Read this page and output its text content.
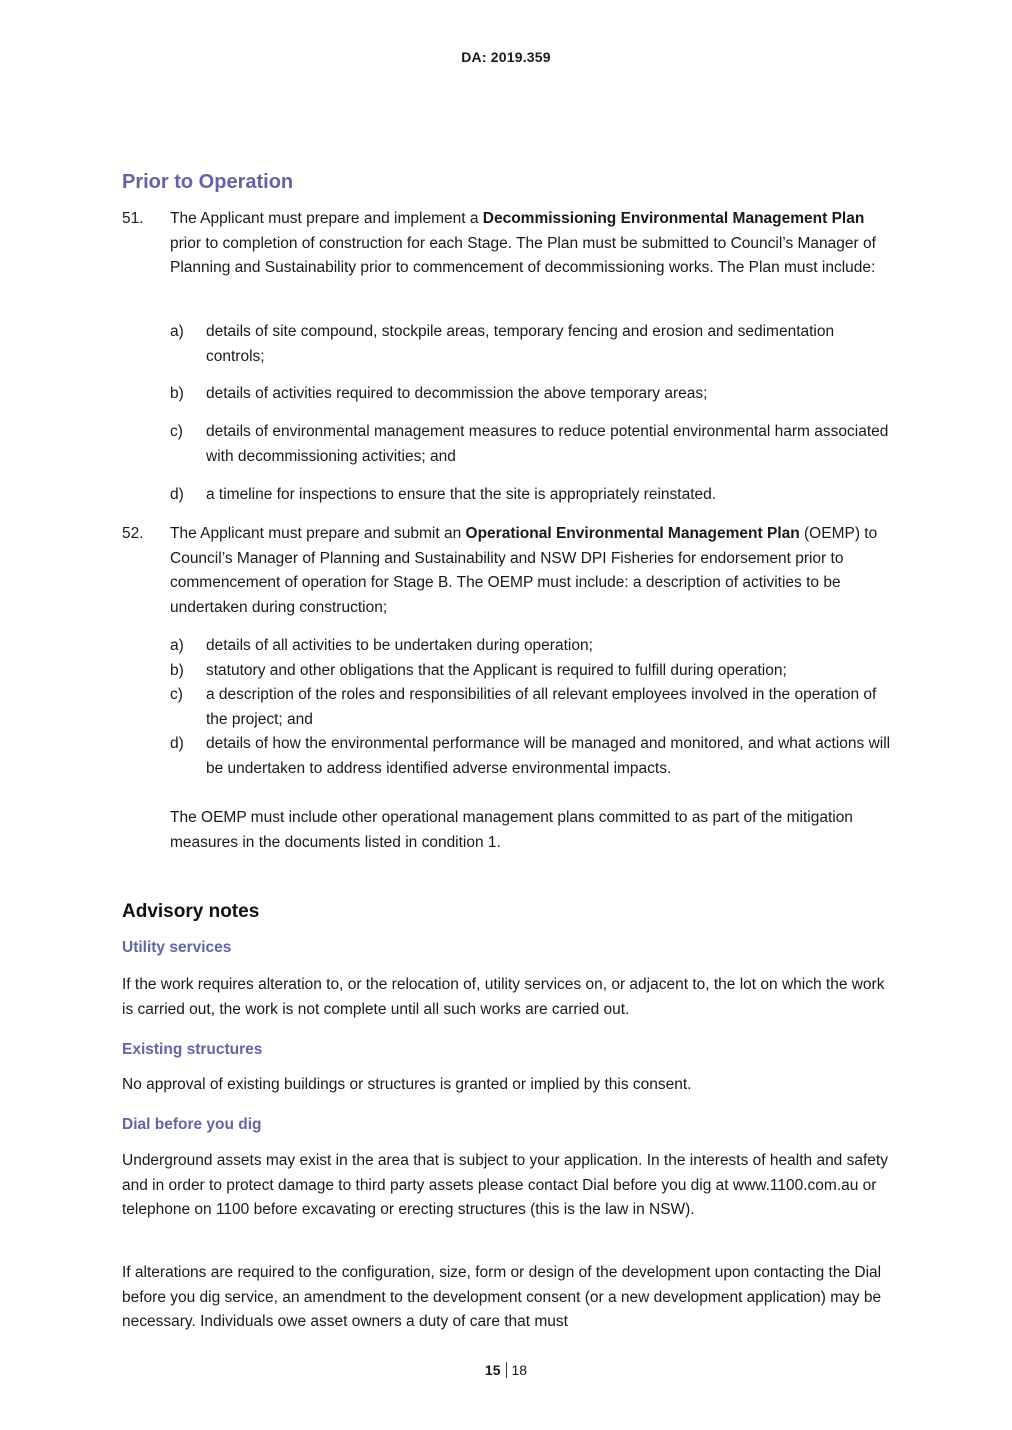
DA: 2019.359
Prior to Operation
51. The Applicant must prepare and implement a Decommissioning Environmental Management Plan prior to completion of construction for each Stage. The Plan must be submitted to Council’s Manager of Planning and Sustainability prior to commencement of decommissioning works. The Plan must include:
a) details of site compound, stockpile areas, temporary fencing and erosion and sedimentation controls;
b) details of activities required to decommission the above temporary areas;
c) details of environmental management measures to reduce potential environmental harm associated with decommissioning activities; and
d) a timeline for inspections to ensure that the site is appropriately reinstated.
52. The Applicant must prepare and submit an Operational Environmental Management Plan (OEMP) to Council’s Manager of Planning and Sustainability and NSW DPI Fisheries for endorsement prior to commencement of operation for Stage B. The OEMP must include: a description of activities to be undertaken during construction;
a) details of all activities to be undertaken during operation;
b) statutory and other obligations that the Applicant is required to fulfill during operation;
c) a description of the roles and responsibilities of all relevant employees involved in the operation of the project; and
d) details of how the environmental performance will be managed and monitored, and what actions will be undertaken to address identified adverse environmental impacts.
The OEMP must include other operational management plans committed to as part of the mitigation measures in the documents listed in condition 1.
Advisory notes
Utility services
If the work requires alteration to, or the relocation of, utility services on, or adjacent to, the lot on which the work is carried out, the work is not complete until all such works are carried out.
Existing structures
No approval of existing buildings or structures is granted or implied by this consent.
Dial before you dig
Underground assets may exist in the area that is subject to your application. In the interests of health and safety and in order to protect damage to third party assets please contact Dial before you dig at www.1100.com.au or telephone on 1100 before excavating or erecting structures (this is the law in NSW).
If alterations are required to the configuration, size, form or design of the development upon contacting the Dial before you dig service, an amendment to the development consent (or a new development application) may be necessary. Individuals owe asset owners a duty of care that must
15 18
